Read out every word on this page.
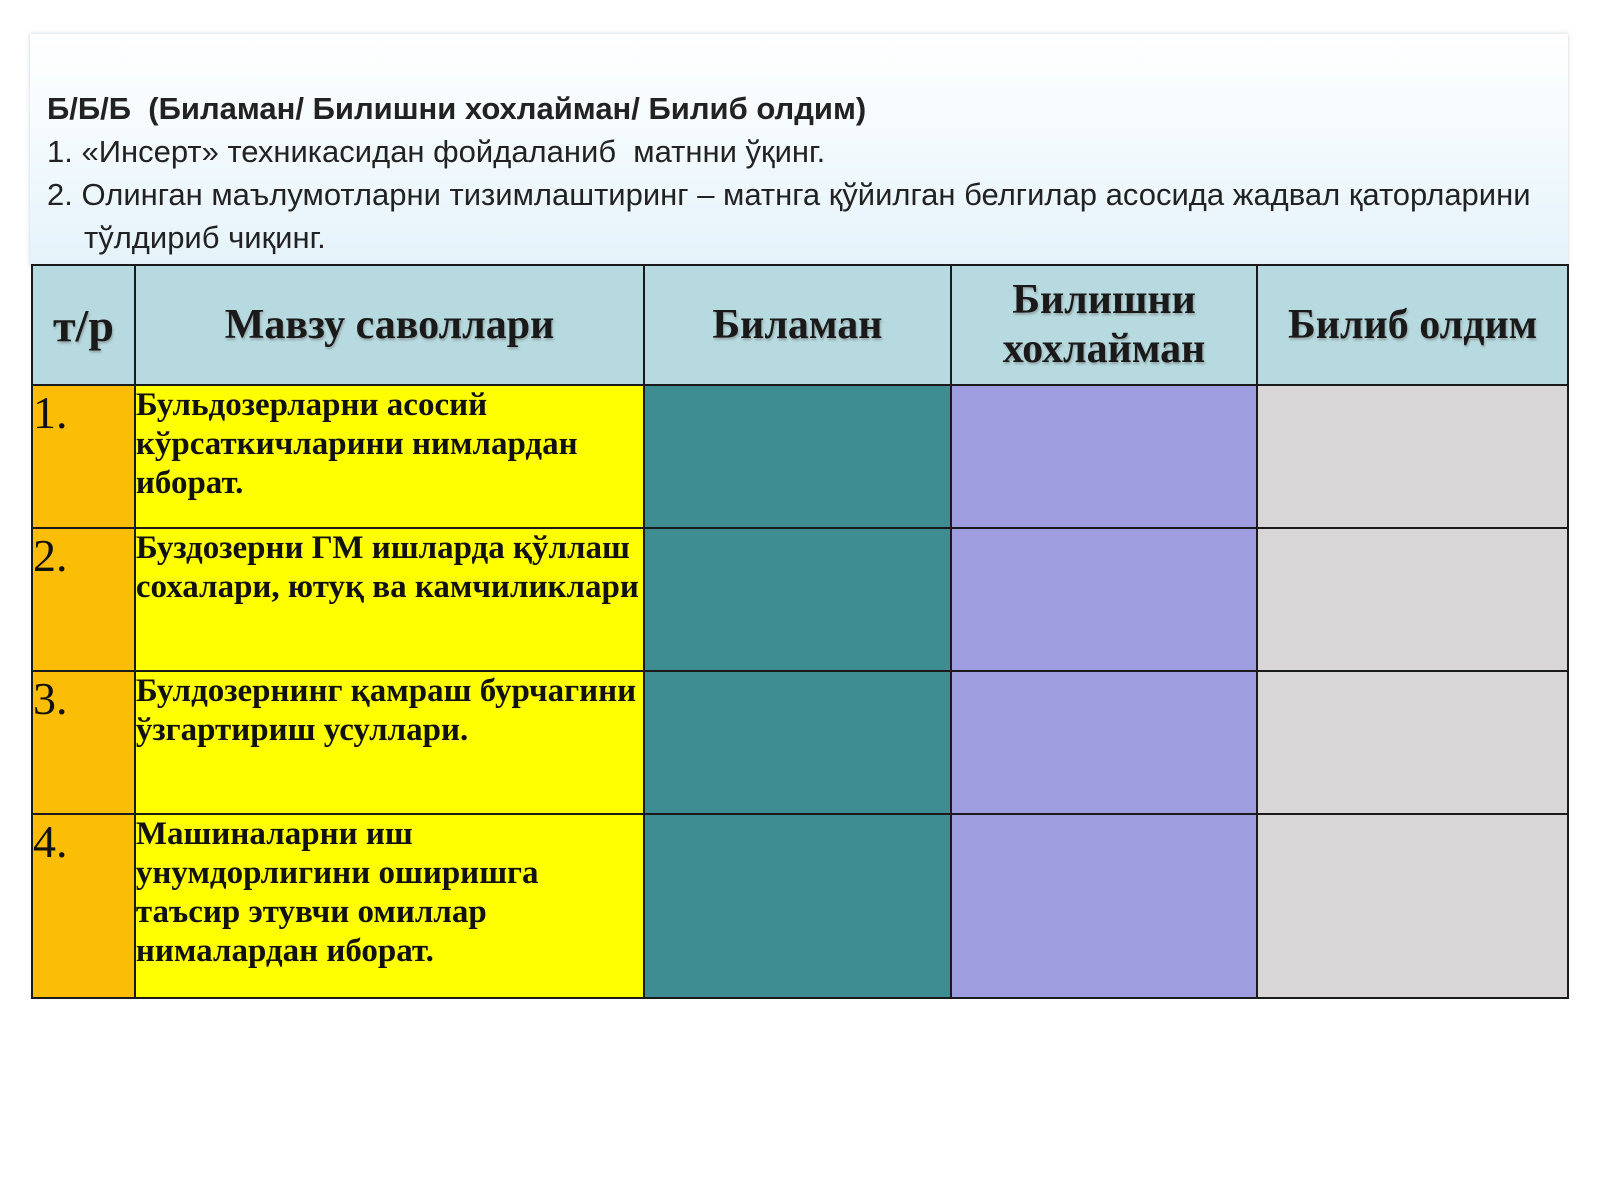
Б/Б/Б  (Биламан/ Билишни хохлайман/ Билиб олдим)
1. «Инсерт» техникасидан фойдаланиб  матнни ўқинг.
2. Олинган маълумотларни тизимлаштиринг – матнга қўйилган белгилар асосида жадвал қаторларини  тўлдириб чиқинг.
т/р	Мавзу саволлари	Биламан	Билишни хохлайман	Билиб олдим
1.	Бульдозерларни асосий кўрсаткичларини нимлардан иборат.			
2.	Буздозерни ГМ ишларда қўллаш сохалари, ютуқ ва камчиликлари			
3.	Булдозернинг қамраш бурчагини ўзгартириш усуллари.			
4.	Машиналарни иш унумдорлигини оширишга таъсир этувчи омиллар нималардан иборат.			
